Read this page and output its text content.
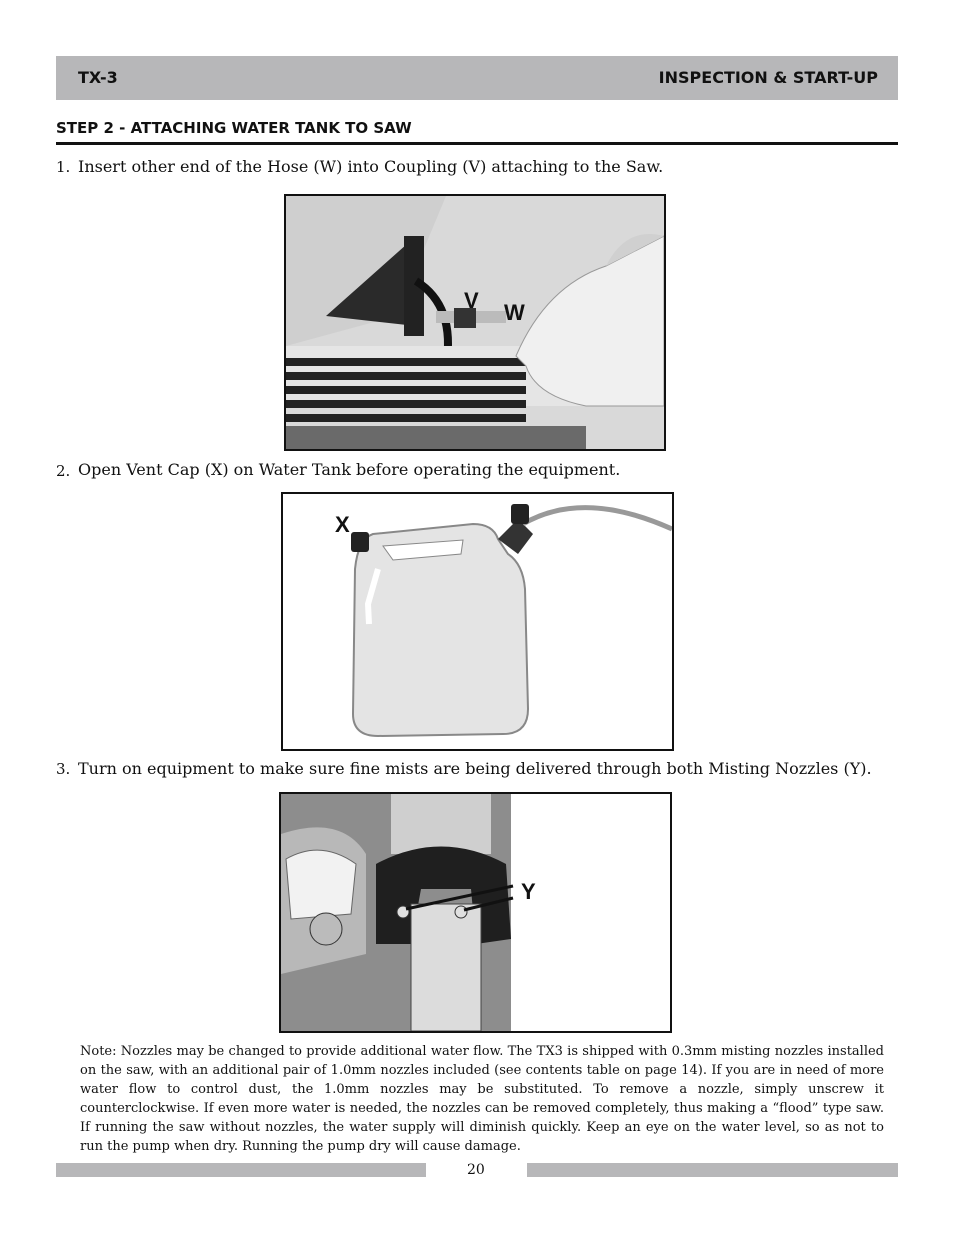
TX-3	INSPECTION & START-UP
STEP 2 - ATTACHING WATER TANK TO SAW
1. Insert other end of the Hose (W) into Coupling (V) attaching to the Saw.
V W
2. Open Vent Cap (X) on Water Tank before operating the equipment.
X
3. Turn on equipment to make sure fine mists are being delivered through both Misting Nozzles (Y).
Y
Note: Nozzles may be changed to provide additional water flow. The TX3 is shipped with 0.3mm misting nozzles installed on the saw, with an additional pair of 1.0mm nozzles included (see contents table on page 14). If you are in need of more water flow to control dust, the 1.0mm nozzles may be substituted. To remove a nozzle, simply unscrew it counterclockwise. If even more water is needed, the nozzles can be removed completely, thus making a “flood” type saw. If running the saw without nozzles, the water supply will diminish quickly. Keep an eye on the water level, so as not to run the pump when dry. Running the pump dry will cause damage.
20
